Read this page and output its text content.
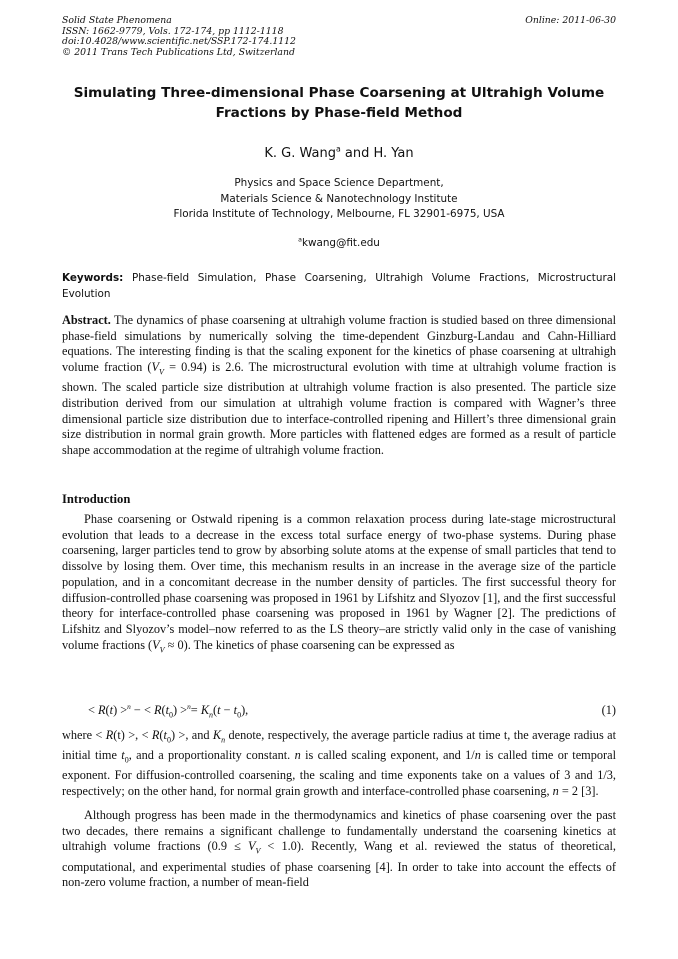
Solid State Phenomena
ISSN: 1662-9779, Vols. 172-174, pp 1112-1118
doi:10.4028/www.scientific.net/SSP.172-174.1112
© 2011 Trans Tech Publications Ltd, Switzerland
Online: 2011-06-30
Simulating Three-dimensional Phase Coarsening at Ultrahigh Volume
Fractions by Phase-field Method
K. G. Wang$^a$ and H. Yan
Physics and Space Science Department,
Materials Science & Nanotechnology Institute
Florida Institute of Technology, Melbourne, FL 32901-6975, USA
$^a$kwang@fit.edu
Keywords: Phase-field Simulation, Phase Coarsening, Ultrahigh Volume Fractions, Microstructural Evolution
Abstract. The dynamics of phase coarsening at ultrahigh volume fraction is studied based on three dimensional phase-field simulations by numerically solving the time-dependent Ginzburg-Landau and Cahn-Hilliard equations. The interesting finding is that the scaling exponent for the kinetics of phase coarsening at ultrahigh volume fraction $(V_V = 0.94)$ is 2.6. The microstructural evolution with time at ultrahigh volume fraction is shown. The scaled particle size distribution at ultrahigh volume fraction is also presented. The particle size distribution derived from our simulation at ultrahigh volume fraction is compared with Wagner’s three dimensional particle size distribution due to interface-controlled ripening and Hillert’s three dimensional grain size distribution in normal grain growth. More particles with flattened edges are formed as a result of particle shape accommodation at the regime of ultrahigh volume fraction.
Introduction
Phase coarsening or Ostwald ripening is a common relaxation process during late-stage microstructural evolution that leads to a decrease in the excess total surface energy of two-phase systems. During phase coarsening, larger particles tend to grow by absorbing solute atoms at the expense of small particles that tend to dissolve by losing them. Over time, this mechanism results in an increase in the average size of the particle population, and in a concomitant decrease in the number density of particles. The first successful theory for diffusion-controlled phase coarsening was proposed in 1961 by Lifshitz and Slyozov [1], and the first successful theory for interface-controlled phase coarsening was proposed in 1961 by Wagner [2]. The predictions of Lifshitz and Slyozov’s model–now referred to as the LS theory–are strictly valid only in the case of vanishing volume fractions $(V_V \approx 0)$. The kinetics of phase coarsening can be expressed as
< R(t) >$^n$ − < $R(t_0) >^n= K_n(t - t_0)$,	(1)
where < R(t) >, < $R(t_0)$ >, and $K_n$ denote, respectively, the average particle radius at time t, the average radius at initial time $t_0$, and a proportionality constant. n is called scaling exponent, and 1/n is called time or temporal exponent. For diffusion-controlled coarsening, the scaling and time exponents take on a values of 3 and 1/3, respectively; on the other hand, for normal grain growth and interface-controlled phase coarsening, n = 2 [3].
Although progress has been made in the thermodynamics and kinetics of phase coarsening over the past two decades, there remains a significant challenge to fundamentally understand the coarsening kinetics at ultrahigh volume fractions $(0.9 \le V_V < 1.0)$. Recently, Wang et al. reviewed the status of theoretical, computational, and experimental studies of phase coarsening [4]. In order to take into account the effects of non-zero volume fraction, a number of mean-field
